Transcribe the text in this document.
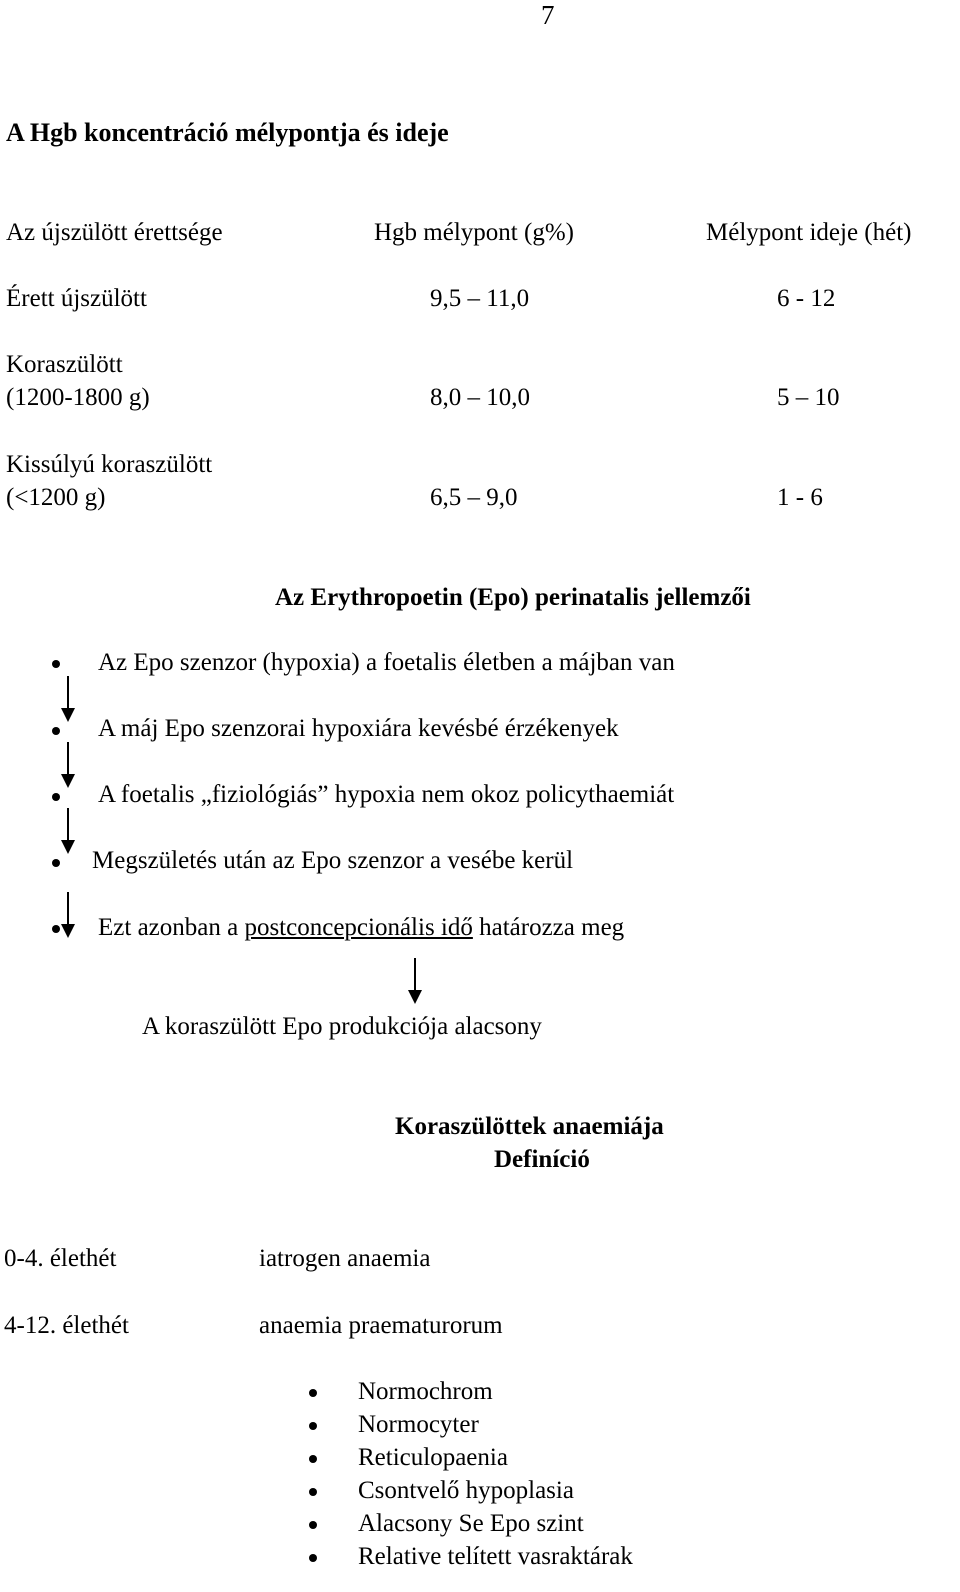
7
A Hgb koncentráció mélypontja és ideje
Az újszülött érettsége	Hgb mélypont (g%)	Mélypont ideje (hét)
Érett újszülött	9,5 – 11,0	6 - 12
Koraszülött
(1200-1800 g)	8,0 – 10,0	5 – 10
Kissúlyú koraszülött
(<1200 g)	6,5 – 9,0	1 - 6
Az Erythropoetin (Epo) perinatalis jellemzői
Az Epo szenzor (hypoxia) a foetalis életben a májban van
A máj Epo szenzorai hypoxiára kevésbé érzékenyek
A foetalis „fiziológiás” hypoxia nem okoz policythaemiát
Megszületés után az Epo szenzor a vesébe kerül
Ezt azonban a postconcepcionális idő határozza meg
A koraszülött Epo produkciója alacsony
Koraszülöttek anaemiája
Definíció
0-4. élethét	iatrogen anaemia
4-12. élethét	anaemia praematurorum
Normochrom
Normocyter
Reticulopaenia
Csontvelő hypoplasia
Alacsony Se Epo szint
Relative telített vasraktárak
